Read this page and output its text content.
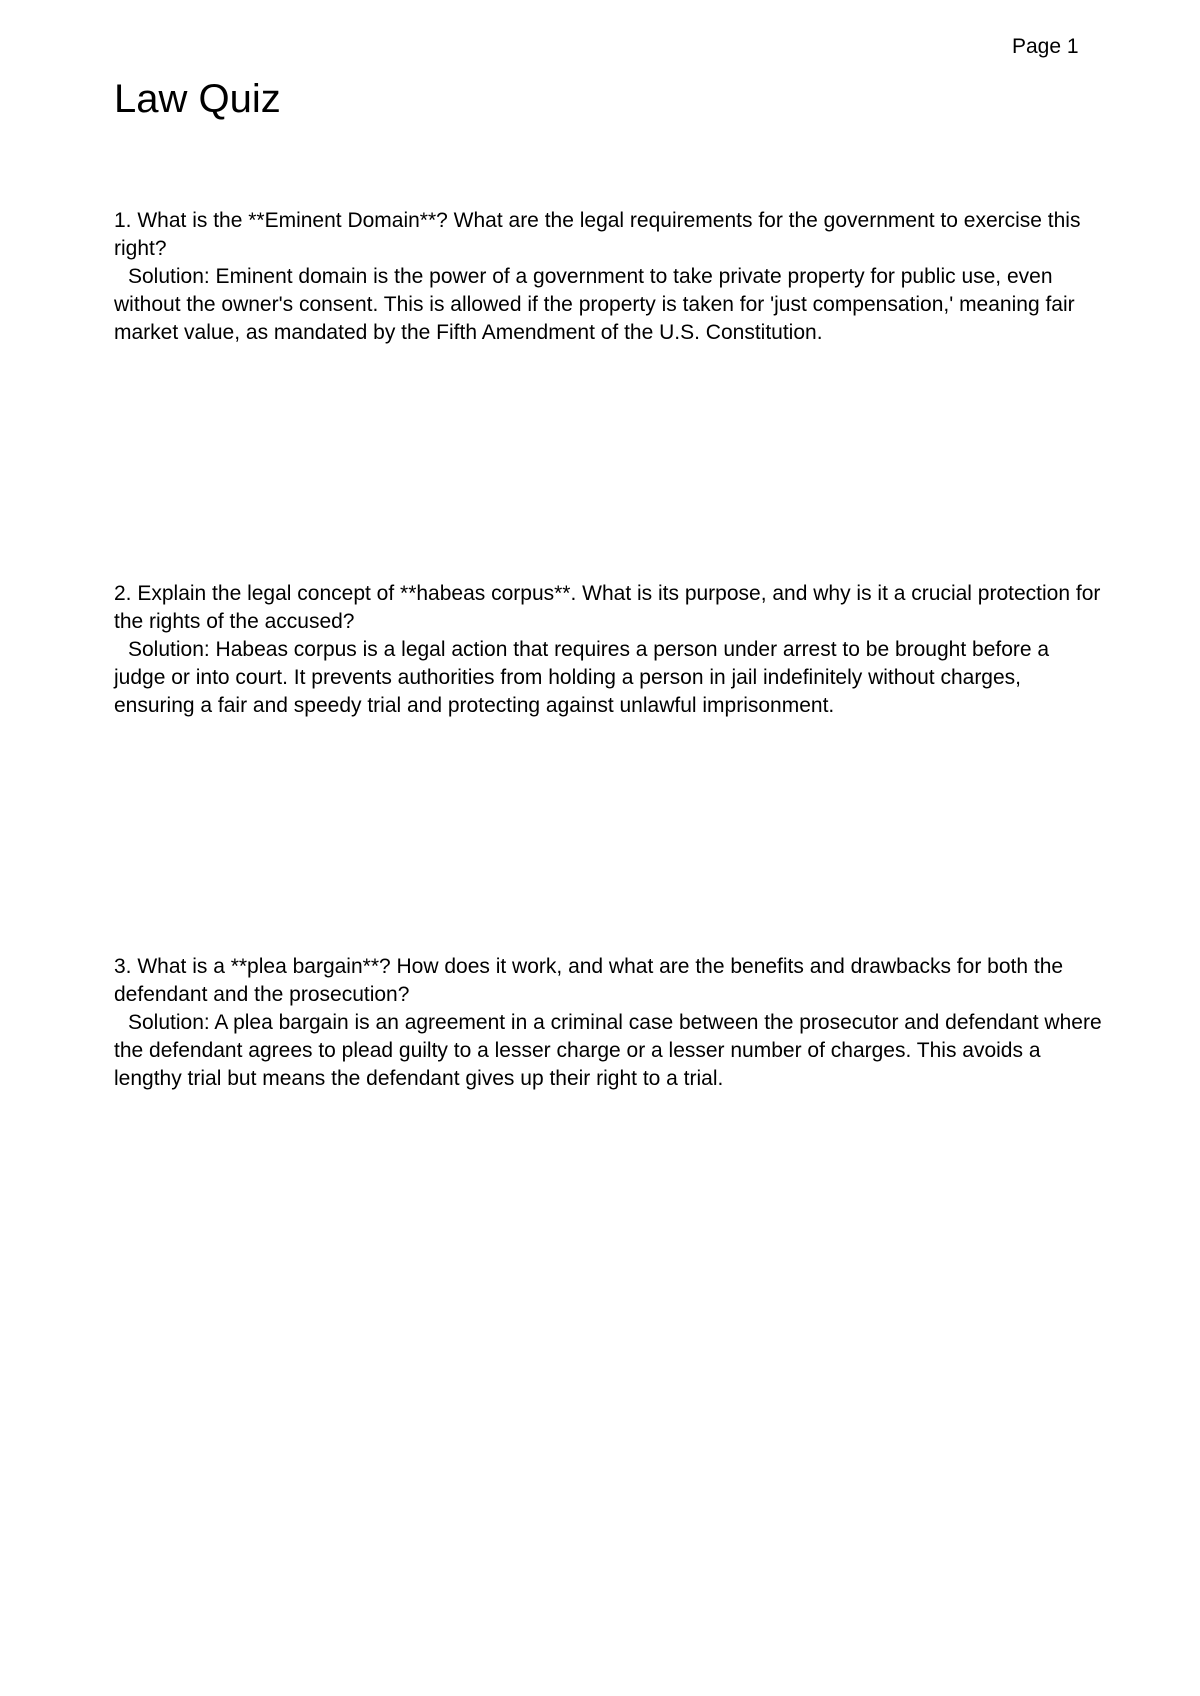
Page 1
Law Quiz

1. What is the **Eminent Domain**? What are the legal requirements for the government to exercise this right?

Solution: Eminent domain is the power of a government to take private property for public use, even without the owner's consent. This is allowed if the property is taken for 'just compensation,' meaning fair market value, as mandated by the Fifth Amendment of the U.S. Constitution.

2. Explain the legal concept of **habeas corpus**. What is its purpose, and why is it a crucial protection for the rights of the accused?

Solution: Habeas corpus is a legal action that requires a person under arrest to be brought before a judge or into court. It prevents authorities from holding a person in jail indefinitely without charges, ensuring a fair and speedy trial and protecting against unlawful imprisonment.

3. What is a **plea bargain**? How does it work, and what are the benefits and drawbacks for both the defendant and the prosecution?

Solution: A plea bargain is an agreement in a criminal case between the prosecutor and defendant where the defendant agrees to plead guilty to a lesser charge or a lesser number of charges. This avoids a lengthy trial but means the defendant gives up their right to a trial.
